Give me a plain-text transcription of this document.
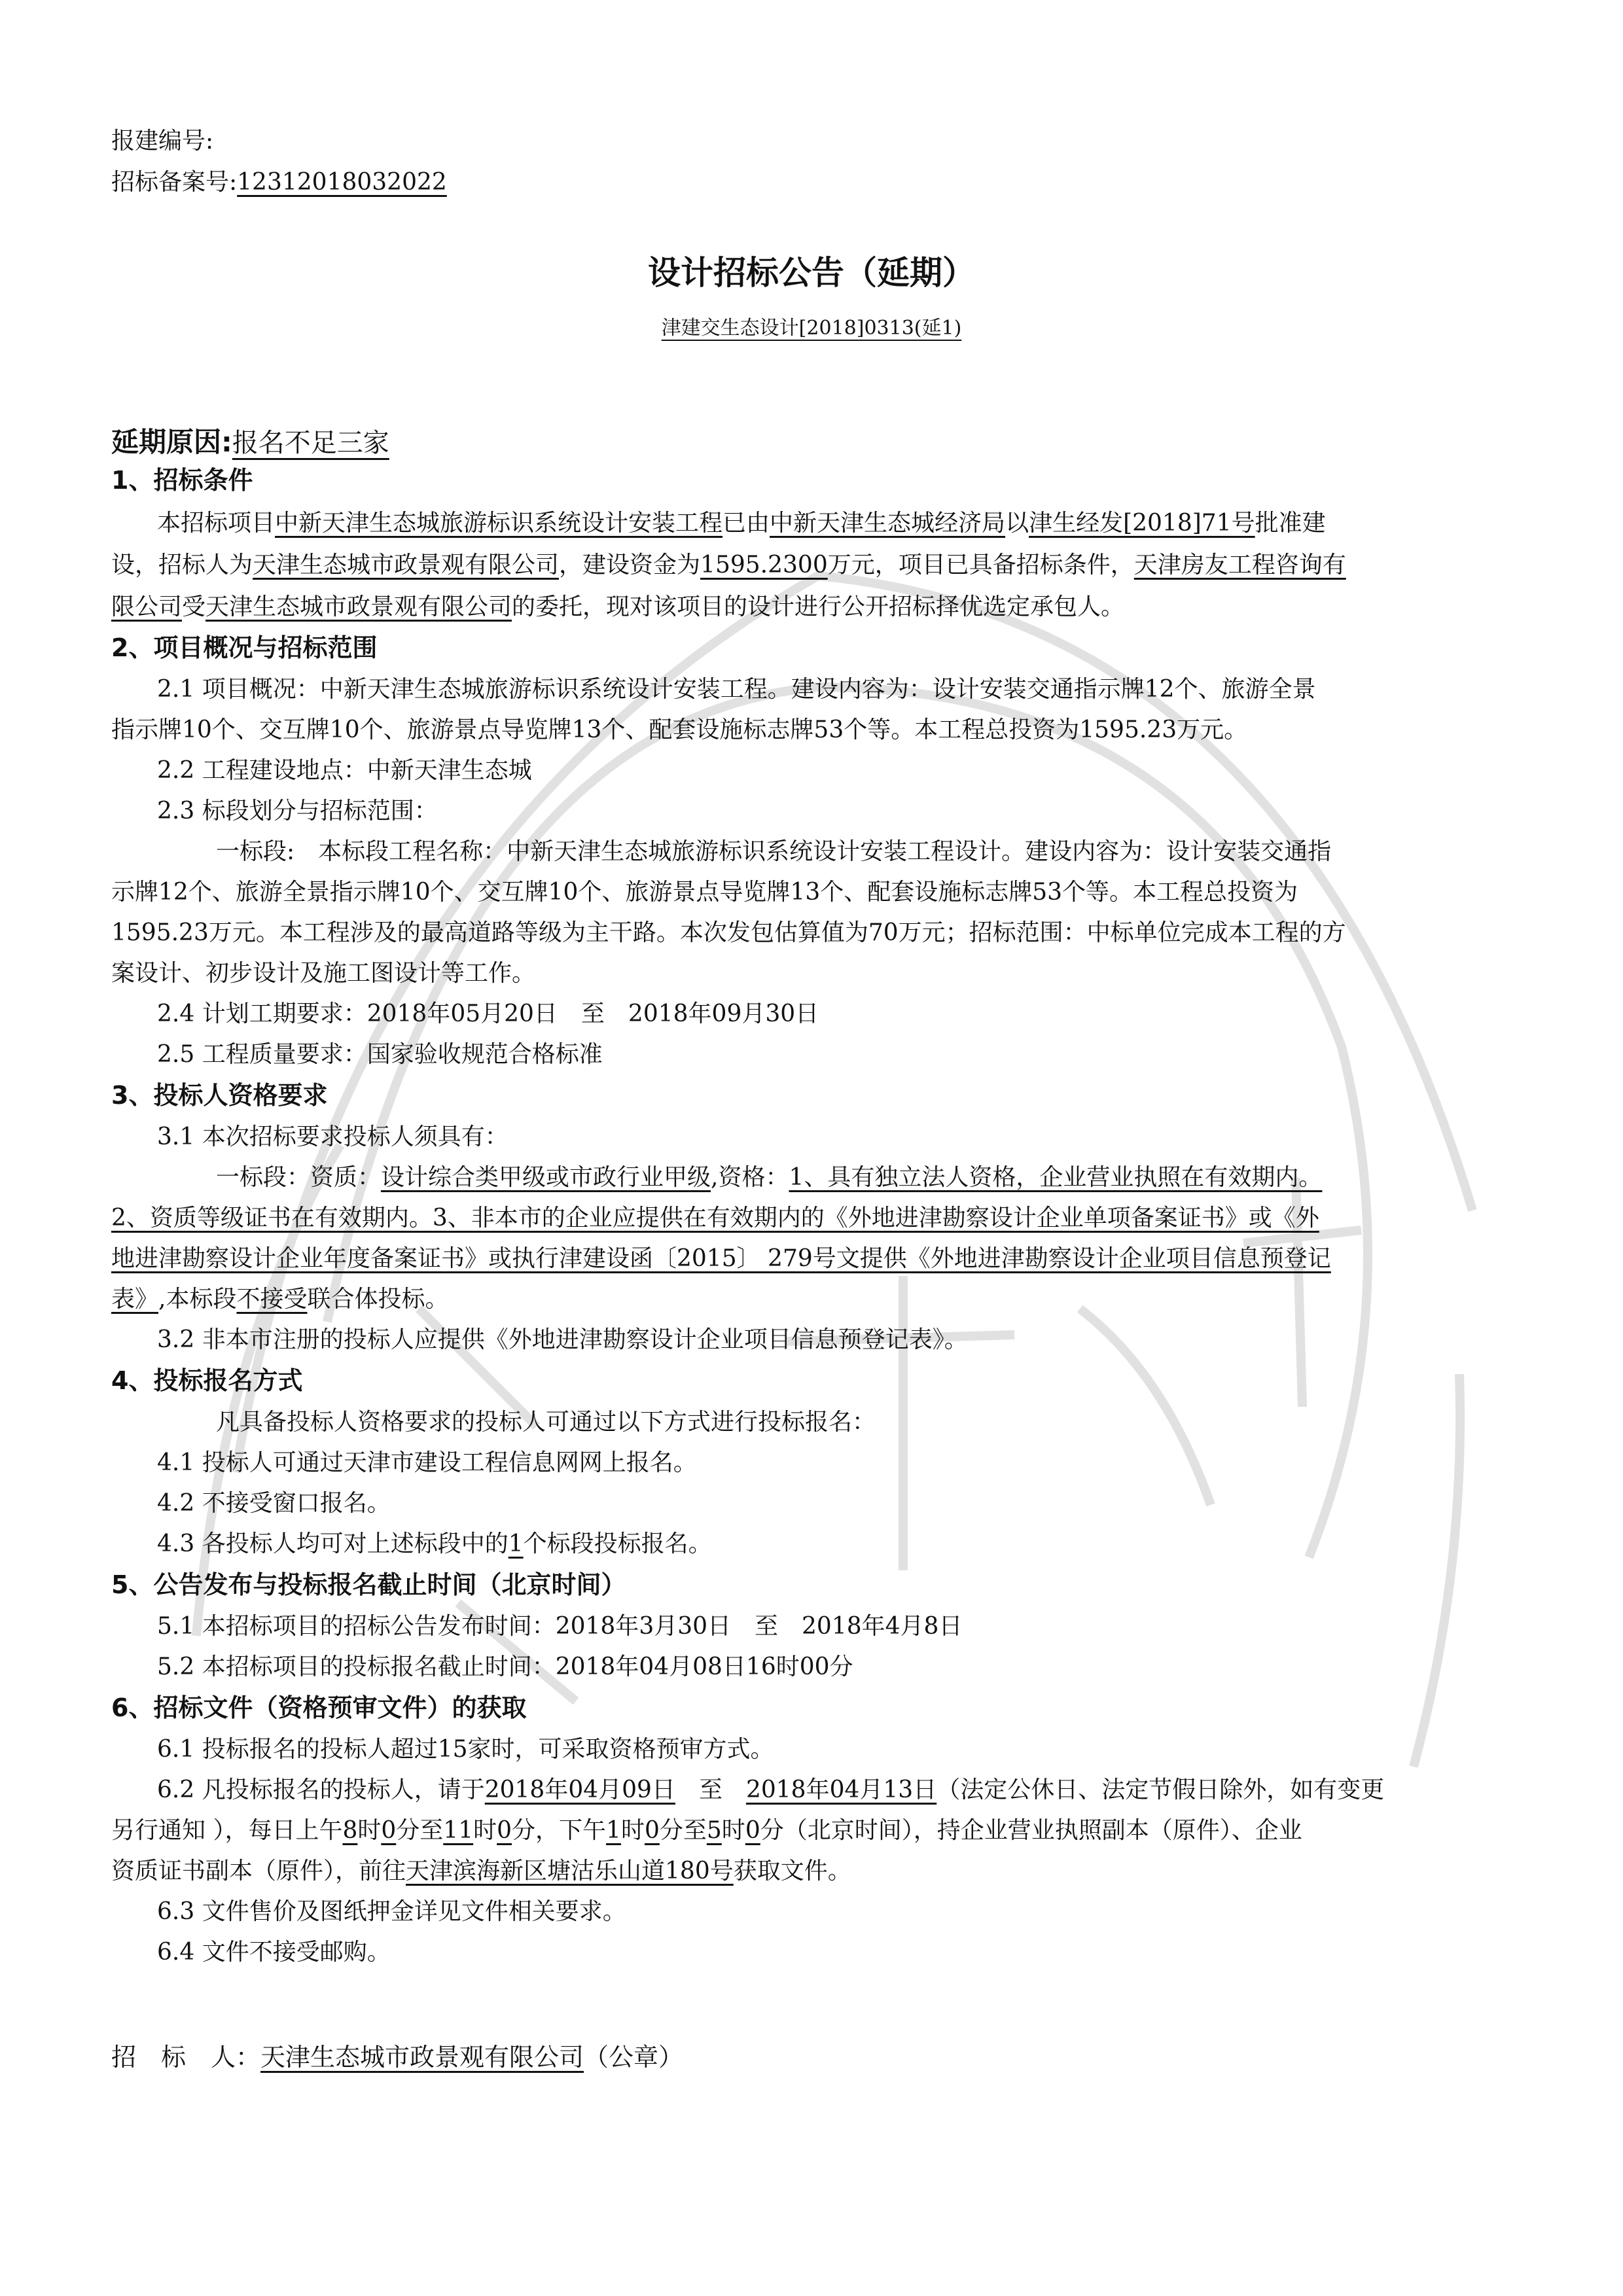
报建编号:
招标备案号:12312018032022
设计招标公告（延期）
津建交生态设计[2018]0313(延1)
延期原因:报名不足三家
1、招标条件
本招标项目中新天津生态城旅游标识系统设计安装工程已由中新天津生态城经济局以津生经发[2018]71号批准建
设，招标人为天津生态城市政景观有限公司，建设资金为1595.2300万元，项目已具备招标条件，天津房友工程咨询有
限公司受天津生态城市政景观有限公司的委托，现对该项目的设计进行公开招标择优选定承包人。
2、项目概况与招标范围
2.1 项目概况：中新天津生态城旅游标识系统设计安装工程。建设内容为：设计安装交通指示牌12个、旅游全景
指示牌10个、交互牌10个、旅游景点导览牌13个、配套设施标志牌53个等。本工程总投资为1595.23万元。
2.2 工程建设地点：中新天津生态城
2.3 标段划分与招标范围：
一标段:　本标段工程名称：中新天津生态城旅游标识系统设计安装工程设计。建设内容为：设计安装交通指
示牌12个、旅游全景指示牌10个、交互牌10个、旅游景点导览牌13个、配套设施标志牌53个等。本工程总投资为
1595.23万元。本工程涉及的最高道路等级为主干路。本次发包估算值为70万元；招标范围：中标单位完成本工程的方
案设计、初步设计及施工图设计等工作。
2.4 计划工期要求：2018年05月20日　至　2018年09月30日
2.5 工程质量要求：国家验收规范合格标准
3、投标人资格要求
3.1 本次招标要求投标人须具有：
一标段：资质：设计综合类甲级或市政行业甲级,资格：1、具有独立法人资格，企业营业执照在有效期内。
2、资质等级证书在有效期内。3、非本市的企业应提供在有效期内的《外地进津勘察设计企业单项备案证书》或《外
地进津勘察设计企业年度备案证书》或执行津建设函〔2015〕 279号文提供《外地进津勘察设计企业项目信息预登记
表》,本标段不接受联合体投标。
3.2 非本市注册的投标人应提供《外地进津勘察设计企业项目信息预登记表》。
4、投标报名方式
凡具备投标人资格要求的投标人可通过以下方式进行投标报名：
4.1 投标人可通过天津市建设工程信息网网上报名。
4.2 不接受窗口报名。
4.3 各投标人均可对上述标段中的1个标段投标报名。
5、公告发布与投标报名截止时间（北京时间）
5.1 本招标项目的招标公告发布时间：2018年3月30日　至　2018年4月8日
5.2 本招标项目的投标报名截止时间：2018年04月08日16时00分
6、招标文件（资格预审文件）的获取
6.1 投标报名的投标人超过15家时，可采取资格预审方式。
6.2 凡投标报名的投标人，请于2018年04月09日　至　2018年04月13日（法定公休日、法定节假日除外，如有变更
另行通知 ），每日上午8时0分至11时0分，下午1时0分至5时0分（北京时间），持企业营业执照副本（原件）、企业
资质证书副本（原件），前往天津滨海新区塘沽乐山道180号获取文件。
6.3 文件售价及图纸押金详见文件相关要求。
6.4 文件不接受邮购。
招　标　人：天津生态城市政景观有限公司（公章）
